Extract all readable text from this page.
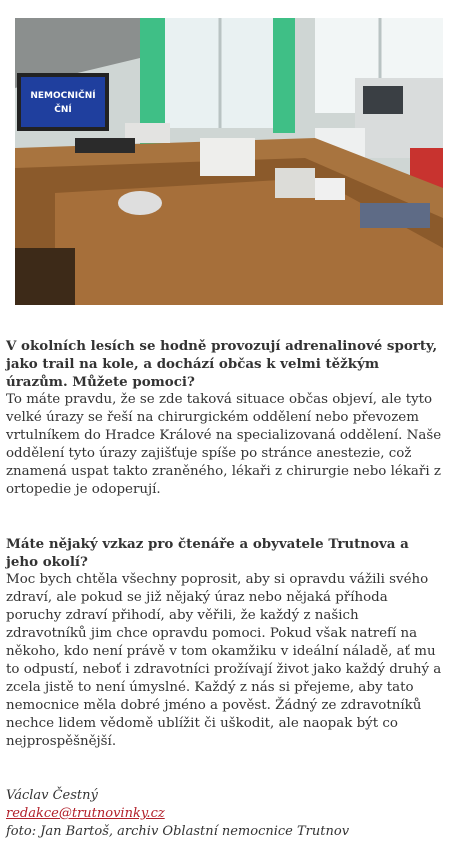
NEMOCNIČNÍ
ČNÍ

V okolních lesích se hodně provozují adrenalinové sporty, jako trail na kole, a dochází občas k velmi těžkým úrazům. Můžete pomoci?

To máte pravdu, že se zde taková situace občas objeví, ale tyto velké úrazy se řeší na chirurgickém oddělení nebo převozem vrtulníkem do Hradce Králové na specializovaná oddělení. Naše oddělení tyto úrazy zajišťuje spíše po stránce anestezie, což znamená uspat takto zraněného, lékaři z chirurgie nebo lékaři z ortopedie je odoperují.

Máte nějaký vzkaz pro čtenáře a obyvatele Trutnova a jeho okolí?

Moc bych chtěla všechny poprosit, aby si opravdu vážili svého zdraví, ale pokud se již nějaký úraz nebo nějaká příhoda poruchy zdraví přihodí, aby věřili, že každý z našich zdravotníků jim chce opravdu pomoci. Pokud však natrefí na někoho, kdo není právě v tom okamžiku v ideální náladě, ať mu to odpustí, neboť i zdravotníci prožívají život jako každý druhý a zcela jistě to není úmyslné. Každý z nás si přejeme, aby tato nemocnice měla dobré jméno a pověst. Žádný ze zdravotníků nechce lidem vědomě ublížit či uškodit, ale naopak být co nejprospěšnější.

Václav Čestný

redakce@trutnovinky.cz

foto: Jan Bartoš, archiv Oblastní nemocnice Trutnov
